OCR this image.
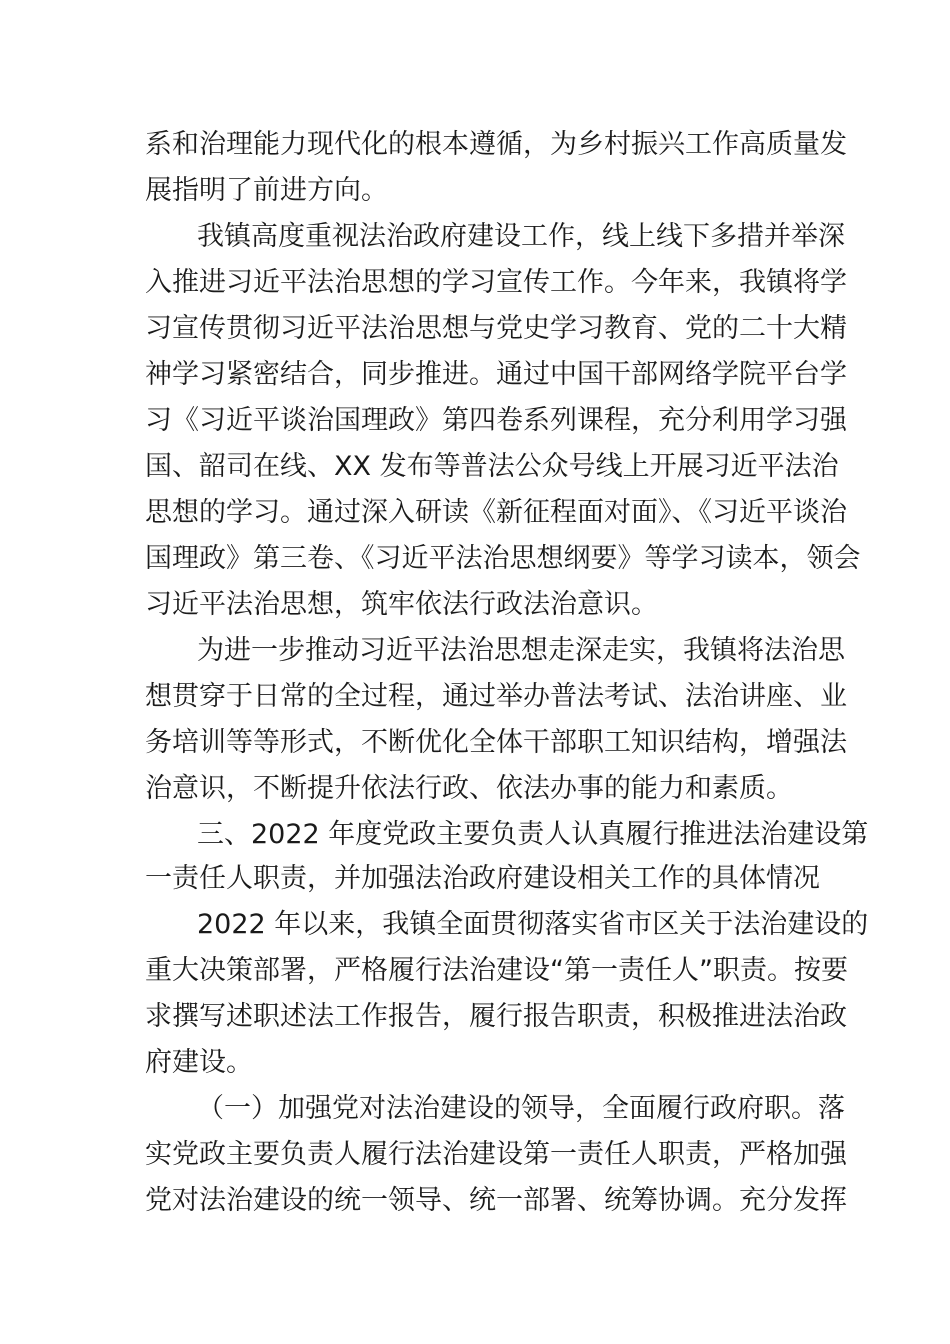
系和治理能力现代化的根本遵循，为乡村振兴工作高质量发
展指明了前进方向。
我镇高度重视法治政府建设工作，线上线下多措并举深
入推进习近平法治思想的学习宣传工作。今年来，我镇将学
习宣传贯彻习近平法治思想与党史学习教育、党的二十大精
神学习紧密结合，同步推进。通过中国干部网络学院平台学
习《习近平谈治国理政》第四卷系列课程，充分利用学习强
国、韶司在线、XX 发布等普法公众号线上开展习近平法治
思想的学习。通过深入研读《新征程面对面》、《习近平谈治
国理政》第三卷、《习近平法治思想纲要》等学习读本，领会
习近平法治思想，筑牢依法行政法治意识。
为进一步推动习近平法治思想走深走实，我镇将法治思
想贯穿于日常的全过程，通过举办普法考试、法治讲座、业
务培训等等形式，不断优化全体干部职工知识结构，增强法
治意识，不断提升依法行政、依法办事的能力和素质。
三、2022 年度党政主要负责人认真履行推进法治建设第
一责任人职责，并加强法治政府建设相关工作的具体情况
2022 年以来，我镇全面贯彻落实省市区关于法治建设的
重大决策部署，严格履行法治建设“第一责任人”职责。按要
求撰写述职述法工作报告，履行报告职责，积极推进法治政
府建设。
（一）加强党对法治建设的领导，全面履行政府职。落
实党政主要负责人履行法治建设第一责任人职责，严格加强
党对法治建设的统一领导、统一部署、统筹协调。充分发挥
